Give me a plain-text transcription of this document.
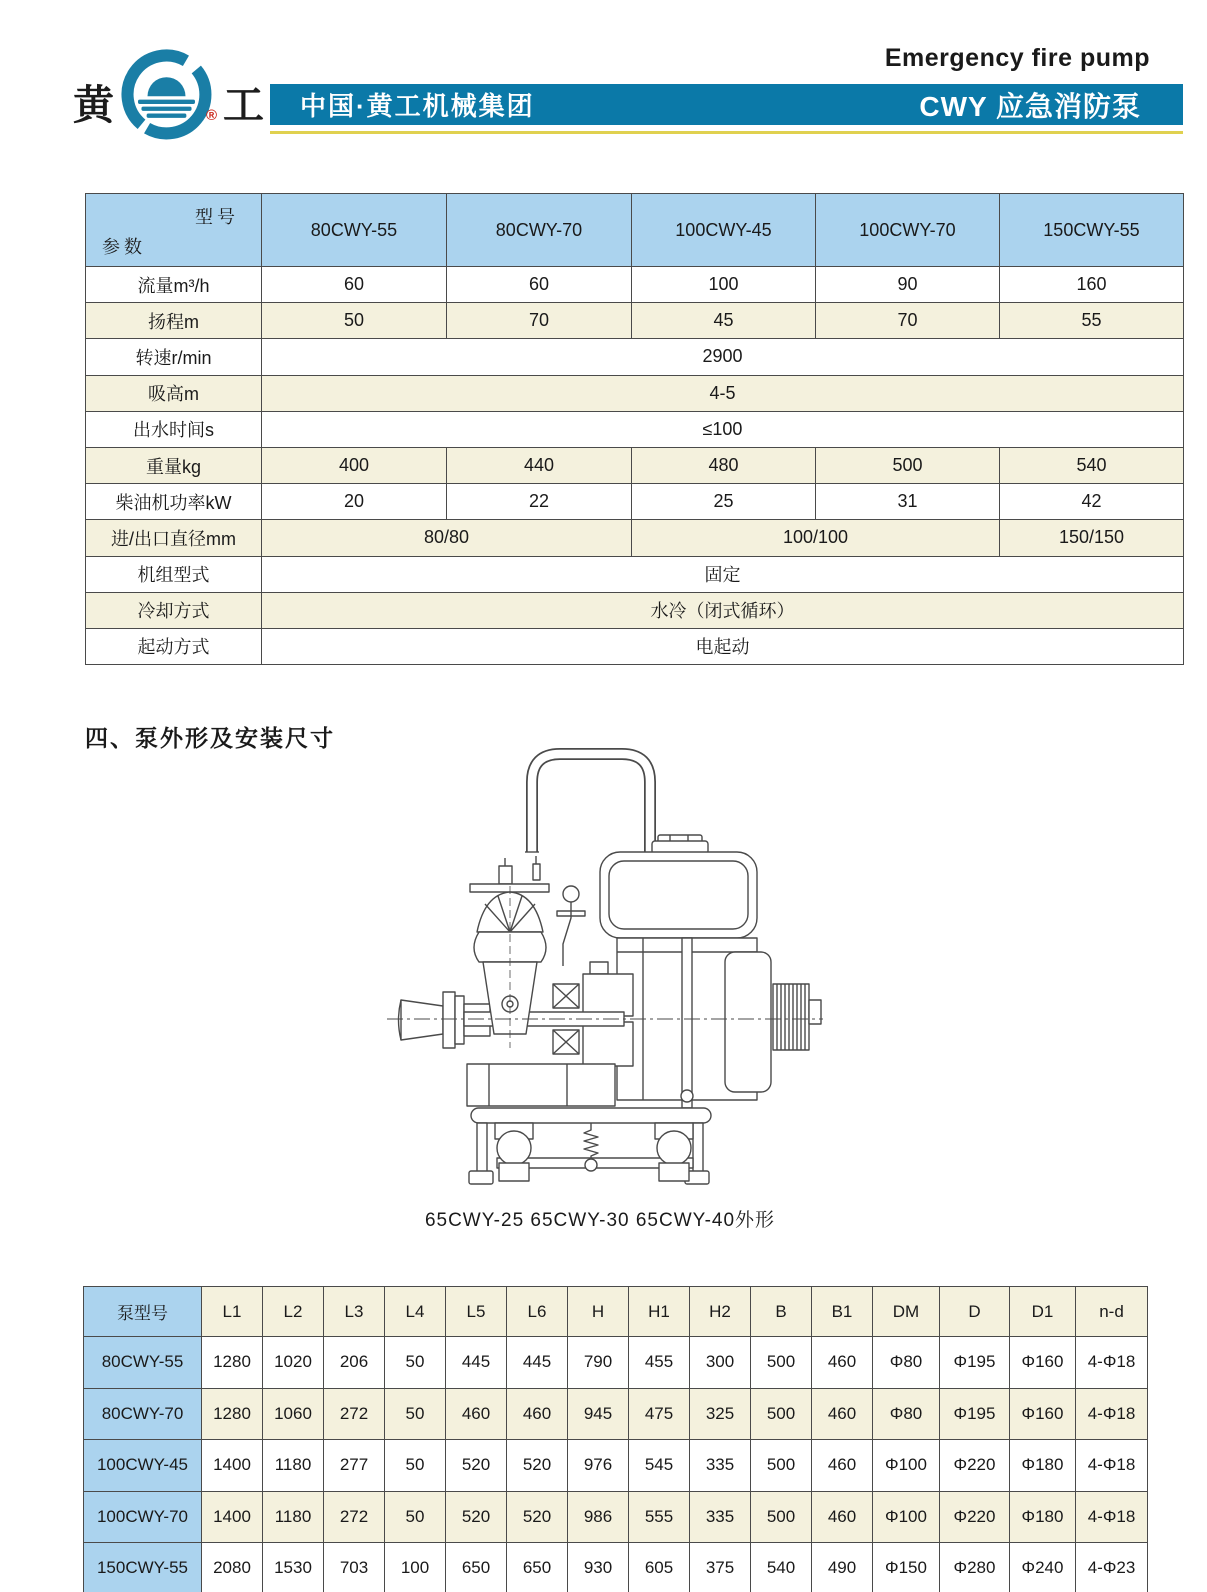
黄	工
®
Emergency fire pump
中国·黄工机械集团	CWY 应急消防泵
型号
参数	80CWY-55	80CWY-70	100CWY-45	100CWY-70	150CWY-55
流量m³/h	60	60	100	90	160
扬程m	50	70	45	70	55
转速r/min	2900				
吸高m	4-5				
出水时间s	≤100				
重量kg	400	440	480	500	540
柴油机功率kW	20	22	25	31	42
进/出口直径mm	80/80		100/100		150/150
机组型式	固定				
冷却方式	水冷（闭式循环）				
起动方式	电起动				
四、泵外形及安装尺寸
65CWY-25 65CWY-30 65CWY-40外形
泵型号	L1	L2	L3	L4	L5	L6	H	H1	H2	B	B1	DM	D	D1	n-d
80CWY-55	1280	1020	206	50	445	445	790	455	300	500	460	Φ80	Φ195	Φ160	4-Φ18
80CWY-70	1280	1060	272	50	460	460	945	475	325	500	460	Φ80	Φ195	Φ160	4-Φ18
100CWY-45	1400	1180	277	50	520	520	976	545	335	500	460	Φ100	Φ220	Φ180	4-Φ18
100CWY-70	1400	1180	272	50	520	520	986	555	335	500	460	Φ100	Φ220	Φ180	4-Φ18
150CWY-55	2080	1530	703	100	650	650	930	605	375	540	490	Φ150	Φ280	Φ240	4-Φ23
